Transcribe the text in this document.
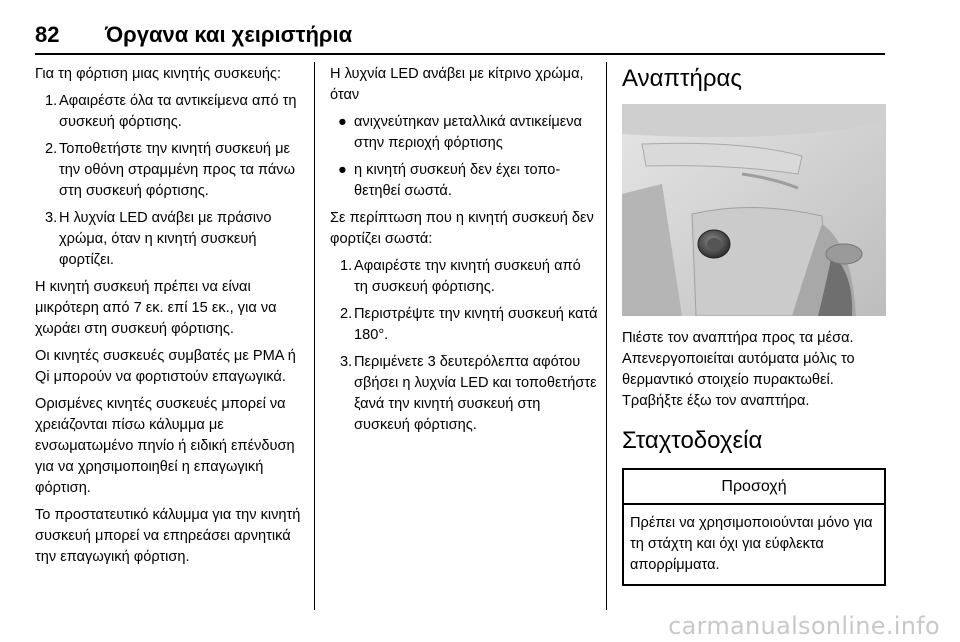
82 Όργανα και χειριστήρια

Για τη φόρτιση μιας κινητής συσκευής:

1. Αφαιρέστε όλα τα αντικείμενα από τη συσκευή φόρτισης.
2. Τοποθετήστε την κινητή συσκευή με την οθόνη στραμμένη προς τα πάνω στη συσκευή φόρτισης.
3. Η λυχνία LED ανάβει με πράσινο χρώμα, όταν η κινητή συσκευή φορτίζει.

Η κινητή συσκευή πρέπει να είναι μικρότερη από 7 εκ. επί 15 εκ., για να χωράει στη συσκευή φόρτισης.

Οι κινητές συσκευές συμβατές με PMA ή Qi μπορούν να φορτιστούν επαγωγικά.

Ορισμένες κινητές συσκευές μπορεί να χρειάζονται πίσω κάλυμμα με ενσωματωμένο πηνίο ή ειδική επένδυση για να χρησιμοποιηθεί η επαγωγική φόρτιση.

Το προστατευτικό κάλυμμα για την κινητή συσκευή μπορεί να επηρεάσει αρνητικά την επαγωγική φόρτιση.

Η λυχνία LED ανάβει με κίτρινο χρώμα, όταν

● ανιχνεύτηκαν μεταλλικά αντικείμενα στην περιοχή φόρτισης
● η κινητή συσκευή δεν έχει τοποθετηθεί σωστά.

Σε περίπτωση που η κινητή συσκευή δεν φορτίζει σωστά:

1. Αφαιρέστε την κινητή συσκευή από τη συσκευή φόρτισης.
2. Περιστρέψτε την κινητή συσκευή κατά 180°.
3. Περιμένετε 3 δευτερόλεπτα αφότου σβήσει η λυχνία LED και τοποθετήστε ξανά την κινητή συσκευή στη συσκευή φόρτισης.
Αναπτήρας

Πιέστε τον αναπτήρα προς τα μέσα. Απενεργοποιείται αυτόματα μόλις το θερμαντικό στοιχείο πυρακτωθεί. Τραβήξτε έξω τον αναπτήρα.

Σταχτοδοχεία
Προσοχή
Πρέπει να χρησιμοποιούνται μόνο για τη στάχτη και όχι για εύφλεκτα απορρίμματα.
carmanualsonline.info
